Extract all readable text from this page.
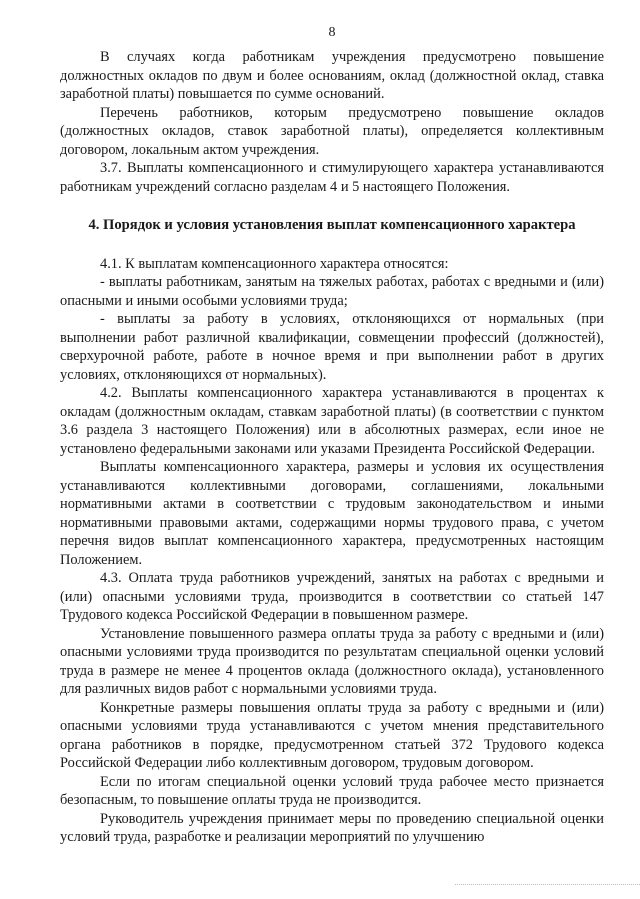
8

В случаях когда работникам учреждения предусмотрено повышение должностных окладов по двум и более основаниям, оклад (должностной оклад, ставка заработной платы) повышается по сумме оснований.

Перечень работников, которым предусмотрено повышение окладов (должностных окладов, ставок заработной платы), определяется коллективным договором, локальным актом учреждения.

3.7. Выплаты компенсационного и стимулирующего характера устанавливаются работникам учреждений согласно разделам 4 и 5 настоящего Положения.

4. Порядок и условия установления выплат компенсационного характера

4.1. К выплатам компенсационного характера относятся:

- выплаты работникам, занятым на тяжелых работах, работах с вредными и (или) опасными и иными особыми условиями труда;

- выплаты за работу в условиях, отклоняющихся от нормальных (при выполнении работ различной квалификации, совмещении профессий (должностей), сверхурочной работе, работе в ночное время и при выполнении работ в других условиях, отклоняющихся от нормальных).

4.2. Выплаты компенсационного характера устанавливаются в процентах к окладам (должностным окладам, ставкам заработной платы) (в соответствии с пунктом 3.6 раздела 3 настоящего Положения) или в абсолютных размерах, если иное не установлено федеральными законами или указами Президента Российской Федерации.

Выплаты компенсационного характера, размеры и условия их осуществления устанавливаются коллективными договорами, соглашениями, локальными нормативными актами в соответствии с трудовым законодательством и иными нормативными правовыми актами, содержащими нормы трудового права, с учетом перечня видов выплат компенсационного характера, предусмотренных настоящим Положением.

4.3. Оплата труда работников учреждений, занятых на работах с вредными и (или) опасными условиями труда, производится в соответствии со статьей 147 Трудового кодекса Российской Федерации в повышенном размере.

Установление повышенного размера оплаты труда за работу с вредными и (или) опасными условиями труда производится по результатам специальной оценки условий труда в размере не менее 4 процентов оклада (должностного оклада), установленного для различных видов работ с нормальными условиями труда.

Конкретные размеры повышения оплаты труда за работу с вредными и (или) опасными условиями труда устанавливаются с учетом мнения представительного органа работников в порядке, предусмотренном статьей 372 Трудового кодекса Российской Федерации либо коллективным договором, трудовым договором.

Если по итогам специальной оценки условий труда рабочее место признается безопасным, то повышение оплаты труда не производится.

Руководитель учреждения принимает меры по проведению специальной оценки условий труда, разработке и реализации мероприятий по улучшению
